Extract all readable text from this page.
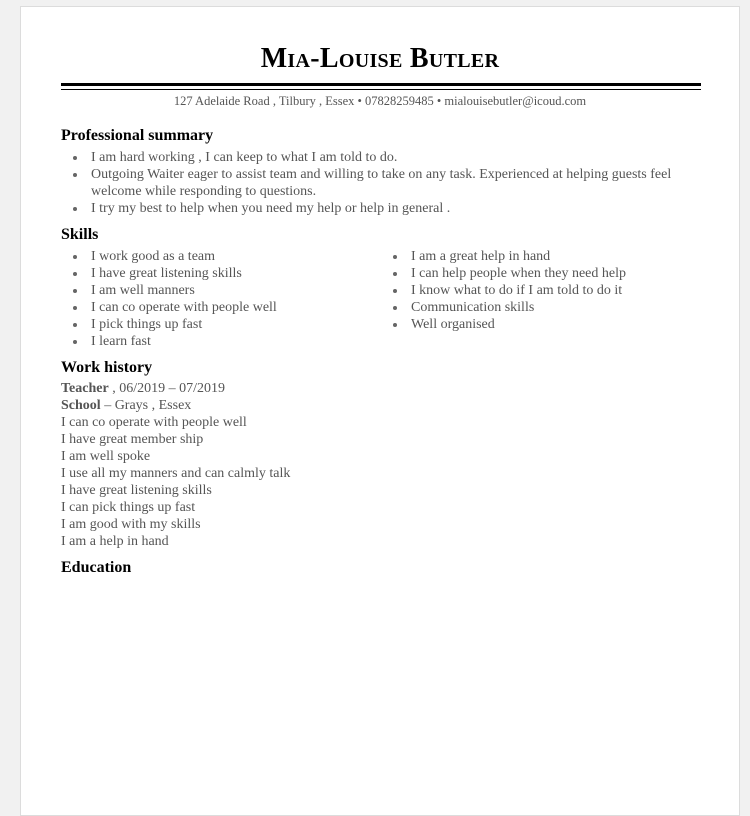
Mia-Louise Butler
127 Adelaide Road , Tilbury , Essex • 07828259485 • mialouisebutler@icoud.com
Professional summary
I am hard working , I can keep to what I am told to do.
Outgoing Waiter eager to assist team and willing to take on any task. Experienced at helping guests feel welcome while responding to questions.
I try my best to help when you need my help or help in general .
Skills
I work good as a team
I have great listening skills
I am well manners
I can co operate with people well
I pick things up fast
I learn fast
I am a great help in hand
I can help people when they need help
I know what to do if I am told to do it
Communication skills
Well organised
Work history
Teacher , 06/2019 – 07/2019
School – Grays , Essex
I can co operate with people well
I have great member ship
I am well spoke
I use all my manners and can calmly talk
I have great listening skills
I can pick things up fast
I am good with my skills
I am a help in hand
Education
